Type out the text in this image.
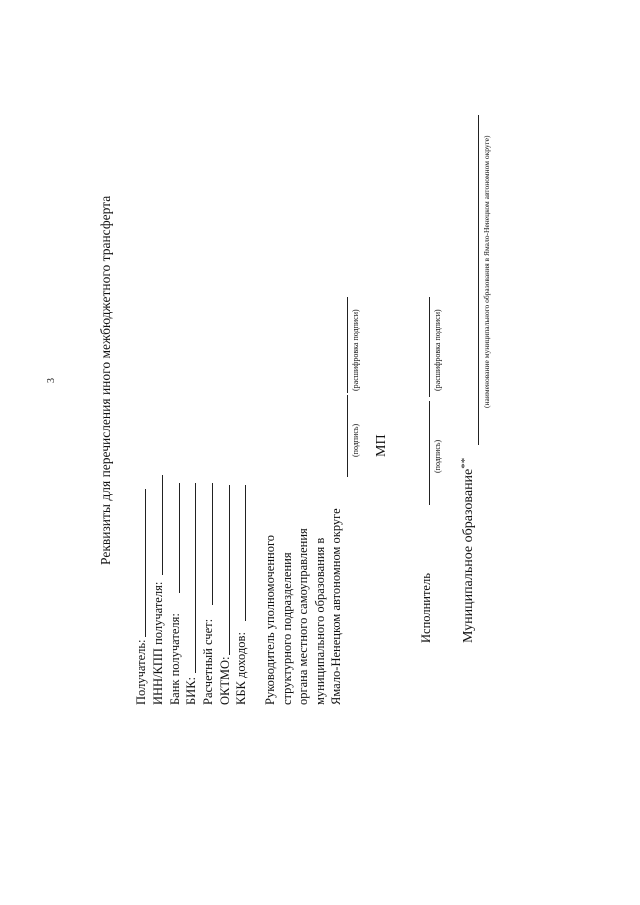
3	Реквизиты для перечисления иного межбюджетного трансферта
Получатель: ИНН/КПП получателя: Банк получателя: БИК: Расчетный счет: ОКТМО: КБК доходов: Руководитель уполномоченного структурного подразделения органа местного самоуправления муниципального образования в Ямало-Ненецком автономном округе
(подпись)
(расшифровка подписи)
МП
Исполнитель
(подпись)
(расшифровка подписи)
Муниципальное образование**
(наименование муниципального образования в Ямало-Ненецком автономном округе)
